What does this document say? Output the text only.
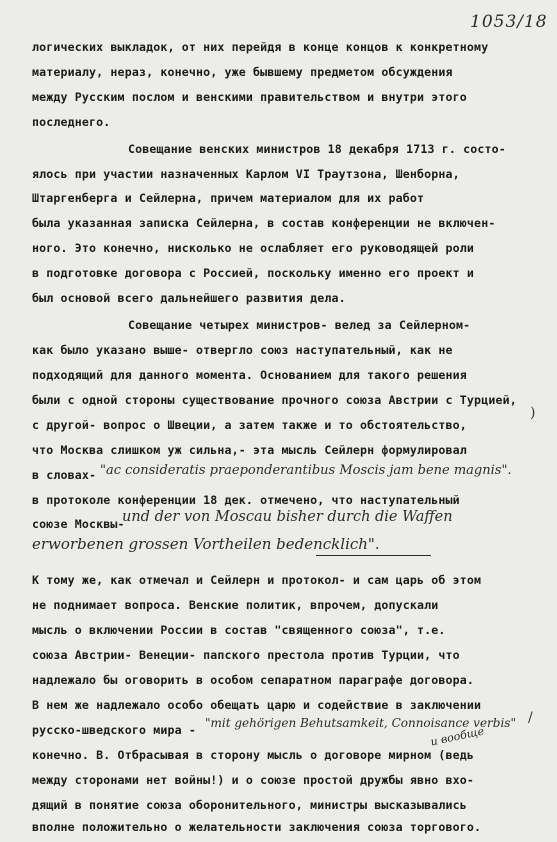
1053/18
логических выкладок, от них перейдя в конце концов к конкретному
материалу, нераз, конечно, уже бывшему предметом обсуждения
между Русским послом и венскими правительством и внутри этого
последнего.
Совещание венских министров 18 декабря 1713 г. состо-
ялось при участии назначенных Карлом VI Траутзона, Шенборна,
Штаргенберга и Сейлерна, причем материалом для их работ
была указанная записка Сейлерна, в состав конференции не включен-
ного. Это конечно, нисколько не ослабляет его руководящей роли
в подготовке договора с Россией, поскольку именно его проект и
был основой всего дальнейшего развития дела.
Совещание четырех министров- велед за Сейлерном-
как было указано выше- отвергло союз наступательный, как не
подходящий для данного момента. Основанием для такого решения
были с одной стороны существование прочного союза Австрии с Турцией,
с другой- вопрос о Швеции, а затем также и то обстоятельство,
что Москва слишком уж сильна,- эта мысль Сейлерн формулировал
в словах- "ac consideratis praeponderantibus Moscis jam bene magnis".
в протоколе конференции 18 дек. отмечено, что наступательный
союзе Москвы-
und der von Moscau bisher durch die Waffen
erworbenen grossen Vortheilen bedencklich".
К тому же, как отмечал и Сейлерн и протокол- и сам царь об этом
не поднимает вопроса. Венские политик, впрочем, допускали
мысль о включении России в состав "священного союза", т.е.
союза Австрии- Венеции- папского престола против Турции, что
надлежало бы оговорить в особом сепаратном параграфе договора.
В нем же надлежало особо обещать царю и содействие в заключении
русско-шведского мира - "mit gehörigen Behutsamkeit, Connoisance verbis"
и вообще
конечно. В. Отбрасывая в сторону мысль о договоре мирном (ведь
между сторонами нет войны!) и о союзе простой дружбы явно вхо-
дящий в понятие союза оборонительного, министры высказывались
вполне положительно о желательности заключения союза торгового.
)
/
